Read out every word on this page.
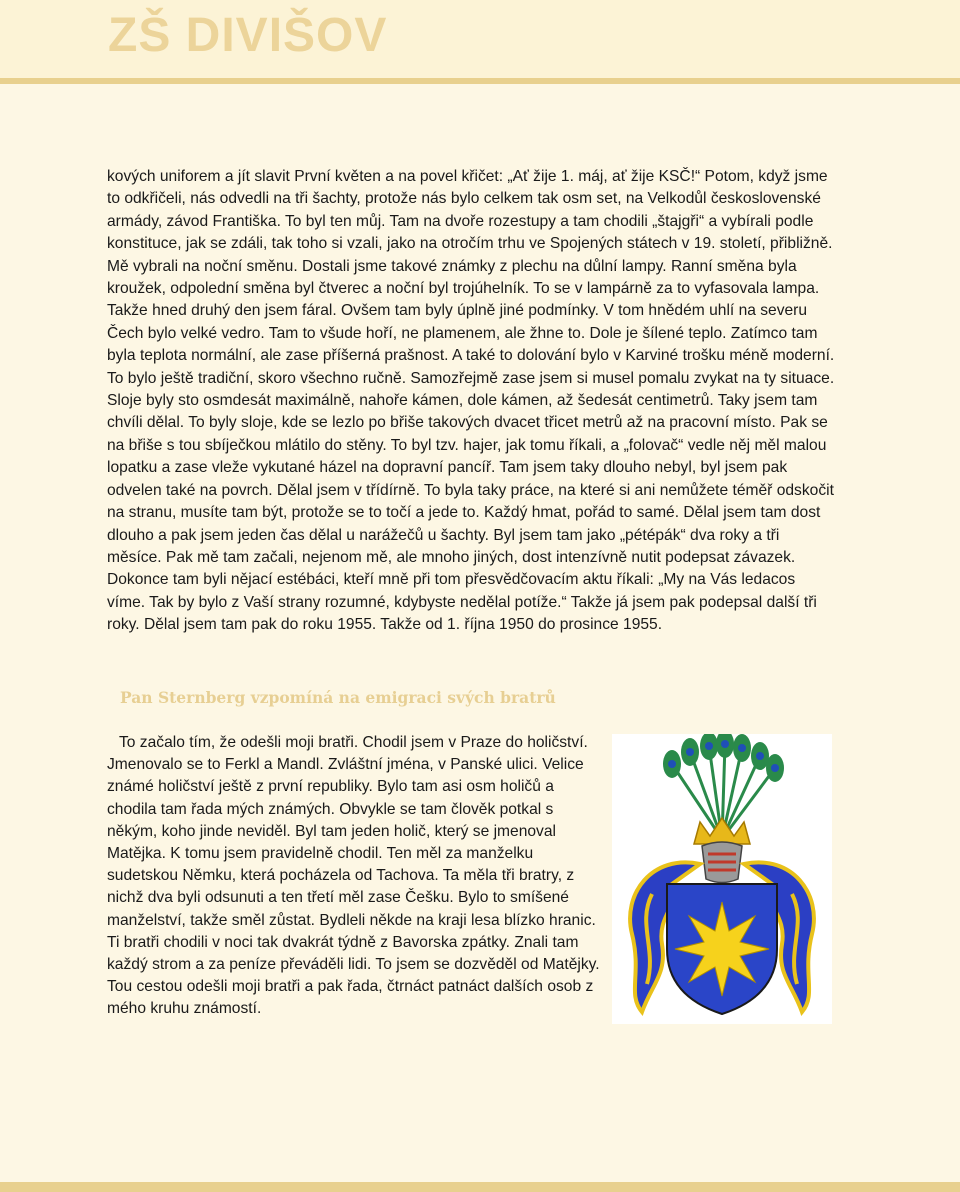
ZŠ DIVIŠOV

kových uniforem a jít slavit První květen a na povel křičet: „Ať žije 1. máj, ať žije KSČ!“ Potom, když jsme to odkřičeli, nás odvedli na tři šachty, protože nás bylo celkem tak osm set, na Velkodůl československé armády, závod Františka. To byl ten můj. Tam na dvoře rozestupy a tam chodili „štajgři“ a vybírali podle konstituce, jak se zdáli, tak toho si vzali, jako na otročím trhu ve Spojených státech v 19. století, přibližně. Mě vybrali na noční směnu. Dostali jsme takové známky z plechu na důlní lampy. Ranní směna byla kroužek, odpolední směna byl čtverec a noční byl trojúhelník. To se v lampárně za to vyfasovala lampa. Takže hned druhý den jsem fáral. Ovšem tam byly úplně jiné podmínky. V tom hnědém uhlí na severu Čech bylo velké vedro. Tam to všude hoří, ne plamenem, ale žhne to. Dole je šílené teplo. Zatímco tam byla teplota normální, ale zase příšerná prašnost. A také to dolování bylo v Karviné trošku méně moderní. To bylo ještě tradiční, skoro všechno ručně. Samozřejmě zase jsem si musel pomalu zvykat na ty situace. Sloje byly sto osmdesát maximálně, nahoře kámen, dole kámen, až šedesát centimetrů. Taky jsem tam chvíli dělal. To byly sloje, kde se lezlo po břiše takových dvacet třicet metrů až na pracovní místo. Pak se na břiše s tou sbíječkou mlátilo do stěny. To byl tzv. hajer, jak tomu říkali, a „folovač“ vedle něj měl malou lopatku a zase vleže vykutané házel na dopravní pancíř. Tam jsem taky dlouho nebyl, byl jsem pak odvelen také na povrch. Dělal jsem v třídírně. To byla taky práce, na které si ani nemůžete téměř odskočit na stranu, musíte tam být, protože se to točí a jede to. Každý hmat, pořád to samé. Dělal jsem tam dost dlouho a pak jsem jeden čas dělal u narážečů u šachty. Byl jsem tam jako „pétépák“ dva roky a tři měsíce. Pak mě tam začali, nejenom mě, ale mnoho jiných, dost intenzívně nutit podepsat závazek. Dokonce tam byli nějací estébáci, kteří mně při tom přesvědčovacím aktu říkali: „My na Vás ledacos víme. Tak by bylo z Vaší strany rozumné, kdybyste nedělal potíže.“ Takže já jsem pak podepsal další tři roky. Dělal jsem tam pak do roku 1955. Takže od 1. října 1950 do prosince 1955.

Pan Sternberg vzpomíná na emigraci svých bratrů

To začalo tím, že odešli moji bratři. Chodil jsem v Praze do holičství. Jmenovalo se to Ferkl a Mandl. Zvláštní jména, v Panské ulici. Velice známé holičství ještě z první republiky. Bylo tam asi osm holičů a chodila tam řada mých známých. Obvykle se tam člověk potkal s někým, koho jinde neviděl. Byl tam jeden holič, který se jmenoval Matějka. K tomu jsem pravidelně chodil. Ten měl za manželku sudetskou Němku, která pocházela od Tachova. Ta měla tři bratry, z nichž dva byli odsunuti a ten třetí měl zase Češku. Bylo to smíšené manželství, takže směl zůstat. Bydleli někde na kraji lesa blízko hranic. Ti bratři chodili v noci tak dvakrát týdně z Bavorska zpátky. Znali tam každý strom a za peníze převáděli lidi. To jsem se dozvěděl od Matějky. Tou cestou odešli moji bratři a pak řada, čtrnáct patnáct dalších osob z mého kruhu známostí.
